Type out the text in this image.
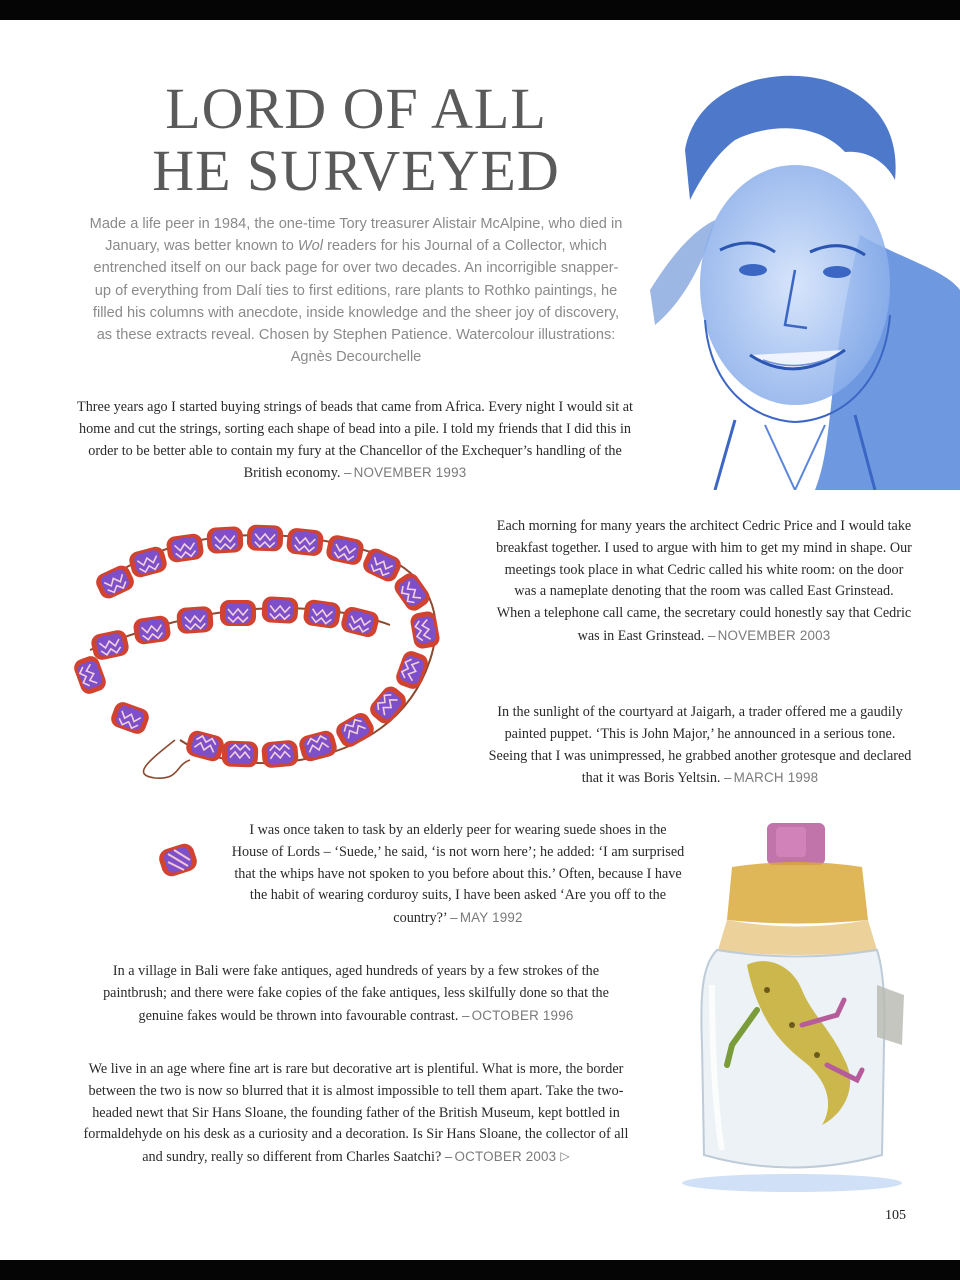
LORD OF ALL
HE SURVEYED
Made a life peer in 1984, the one-time Tory treasurer Alistair McAlpine, who died in January, was better known to Wol readers for his Journal of a Collector, which entrenched itself on our back page for over two decades. An incorrigible snapper-up of everything from Dalí ties to first editions, rare plants to Rothko paintings, he filled his columns with anecdote, inside knowledge and the sheer joy of discovery, as these extracts reveal. Chosen by Stephen Patience. Watercolour illustrations: Agnès Decourchelle
Three years ago I started buying strings of beads that came from Africa. Every night I would sit at home and cut the strings, sorting each shape of bead into a pile. I told my friends that I did this in order to be better able to contain my fury at the Chancellor of the Exchequer’s handling of the British economy. – NOVEMBER 1993
Each morning for many years the architect Cedric Price and I would take breakfast together. I used to argue with him to get my mind in shape. Our meetings took place in what Cedric called his white room: on the door was a nameplate denoting that the room was called East Grinstead. When a telephone call came, the secretary could honestly say that Cedric was in East Grinstead. – NOVEMBER 2003
In the sunlight of the courtyard at Jaigarh, a trader offered me a gaudily painted puppet. ‘This is John Major,’ he announced in a serious tone. Seeing that I was unimpressed, he grabbed another grotesque and declared that it was Boris Yeltsin. – MARCH 1998
I was once taken to task by an elderly peer for wearing suede shoes in the House of Lords – ‘Suede,’ he said, ‘is not worn here’; he added: ‘I am surprised that the whips have not spoken to you before about this.’ Often, because I have the habit of wearing corduroy suits, I have been asked ‘Are you off to the country?’ – MAY 1992
In a village in Bali were fake antiques, aged hundreds of years by a few strokes of the paintbrush; and there were fake copies of the fake antiques, less skilfully done so that the genuine fakes would be thrown into favourable contrast. – OCTOBER 1996
We live in an age where fine art is rare but decorative art is plentiful. What is more, the border between the two is now so blurred that it is almost impossible to tell them apart. Take the two-headed newt that Sir Hans Sloane, the founding father of the British Museum, kept bottled in formaldehyde on his desk as a curiosity and a decoration. Is Sir Hans Sloane, the collector of all and sundry, really so different from Charles Saatchi? – OCTOBER 2003 ▷
105
